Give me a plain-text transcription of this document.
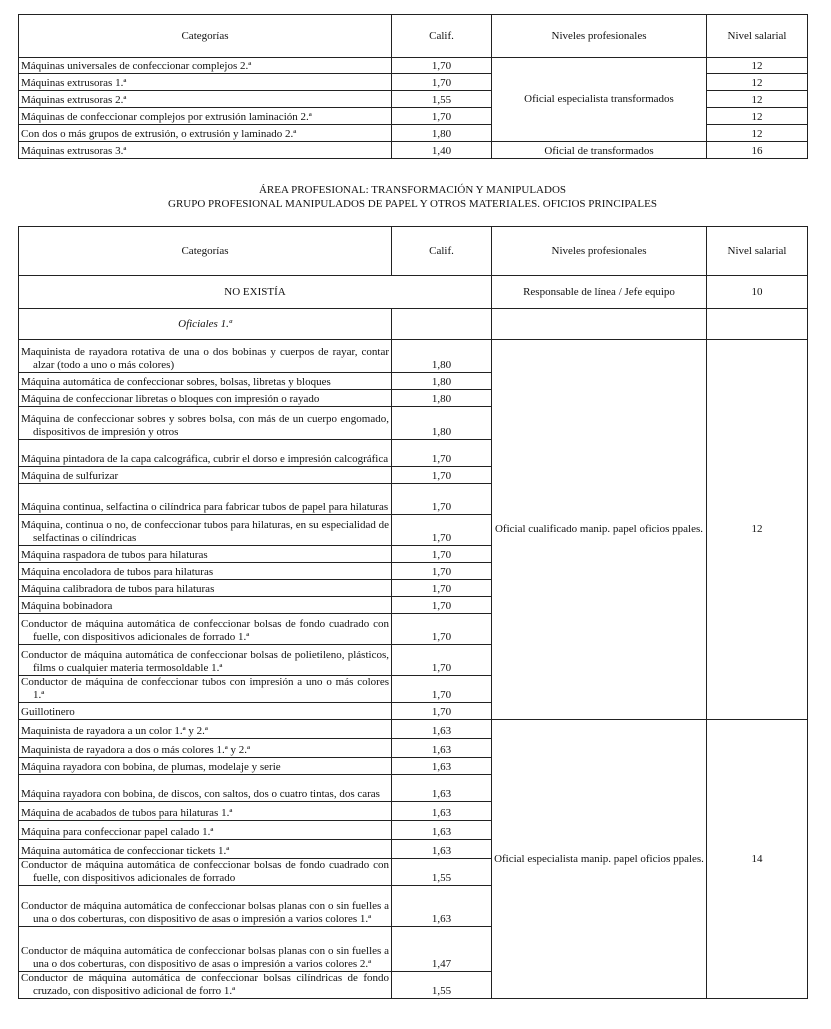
Categorías	Calif.	Niveles profesionales	Nivel salarial
Máquinas universales de confeccionar complejos 2.ª	1,70	Oficial especialista transformados	12
Máquinas extrusoras 1.ª	1,70		12
Máquinas extrusoras 2.ª	1,55		12
Máquinas de confeccionar complejos por extrusión laminación 2.ª	1,70		12
Con dos o más grupos de extrusión, o extrusión y laminado 2.ª	1,80		12
Máquinas extrusoras 3.ª	1,40	Oficial de transformados	16
ÁREA PROFESIONAL: TRANSFORMACIÓN Y MANIPULADOS
GRUPO PROFESIONAL MANIPULADOS DE PAPEL Y OTROS MATERIALES. OFICIOS PRINCIPALES
Categorías	Calif.	Niveles profesionales	Nivel salarial
NO EXISTÍA		Responsable de línea / Jefe equipo	10
Oficiales 1.ª			
Maquinista de rayadora rotativa de una o dos bobinas y cuerpos de rayar, contar alzar (todo a uno o más colores)	1,80	Oficial cualificado manip. papel oficios ppales.	12
Máquina automática de confeccionar sobres, bolsas, libretas y bloques	1,80		
Máquina de confeccionar libretas o bloques con impresión o rayado	1,80		
Máquina de confeccionar sobres y sobres bolsa, con más de un cuerpo engomado, dispositivos de impresión y otros	1,80		
Máquina pintadora de la capa calcográfica, cubrir el dorso e impresión calcográfica	1,70		
Máquina de sulfurizar	1,70		
Máquina continua, selfactina o cilíndrica para fabricar tubos de papel para hilaturas	1,70		
Máquina, continua o no, de confeccionar tubos para hilaturas, en su especialidad de selfactinas o cilíndricas	1,70		
Máquina raspadora de tubos para hilaturas	1,70		
Máquina encoladora de tubos para hilaturas	1,70		
Máquina calibradora de tubos para hilaturas	1,70		
Máquina bobinadora	1,70		
Conductor de máquina automática de confeccionar bolsas de fondo cuadrado con fuelle, con dispositivos adicionales de forrado 1.ª	1,70		
Conductor de máquina automática de confeccionar bolsas de polietileno, plásticos, films o cualquier materia termosoldable 1.ª	1,70		
Conductor de máquina de confeccionar tubos con impresión a uno o más colores 1.ª	1,70		
Guillotinero	1,70		
Maquinista de rayadora a un color 1.ª y 2.ª	1,63	Oficial especialista manip. papel oficios ppales.	14
Maquinista de rayadora a dos o más colores 1.ª y 2.ª	1,63		
Máquina rayadora con bobina, de plumas, modelaje y serie	1,63		
Máquina rayadora con bobina, de discos, con saltos, dos o cuatro tintas, dos caras	1,63		
Máquina de acabados de tubos para hilaturas 1.ª	1,63		
Máquina para confeccionar papel calado 1.ª	1,63		
Máquina automática de confeccionar tickets 1.ª	1,63		
Conductor de máquina automática de confeccionar bolsas de fondo cuadrado con fuelle, con dispositivos adicionales de forrado	1,55		
Conductor de máquina automática de confeccionar bolsas planas con o sin fuelles a una o dos coberturas, con dispositivo de asas o impresión a varios colores 1.ª	1,63		
Conductor de máquina automática de confeccionar bolsas planas con o sin fuelles a una o dos coberturas, con dispositivo de asas o impresión a varios colores 2.ª	1,47		
Conductor de máquina automática de confeccionar bolsas cilíndricas de fondo cruzado, con dispositivo adicional de forro 1.ª	1,55		
